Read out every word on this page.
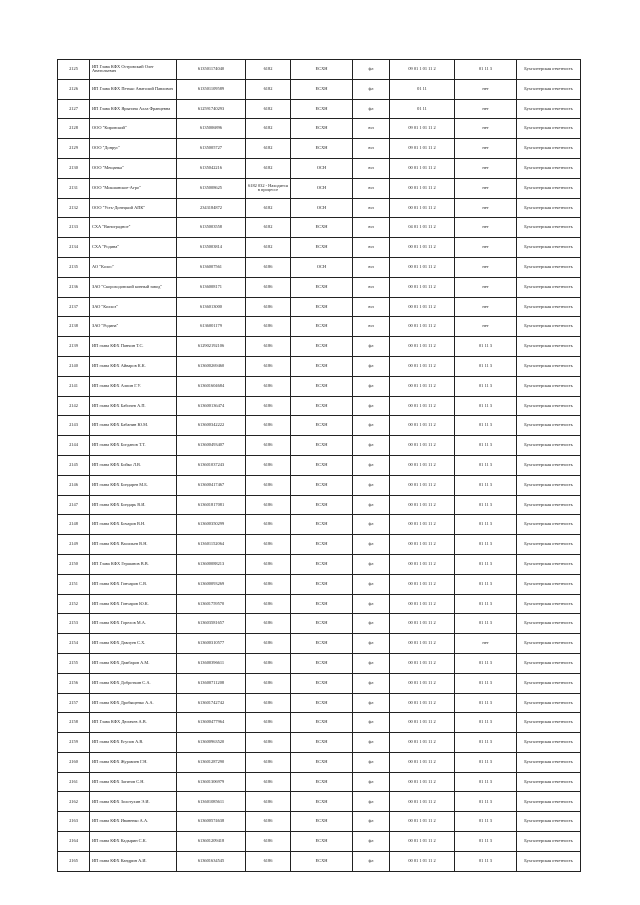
2125	ИП Глава КФХ Островский Олег Анатольевич	613501174040	6182	ЕСХН	фл	09 01 1 01 11 2	01 11 3	Бухгалтерская отчетность
2126	ИП Глава КФХ Петько Анатолий Павлович	613501109589	6182	ЕСХН	фл	01 11	нет	Бухгалтерская отчетность
2127	ИП Глава КФХ Ярыгина Алла Францевна	612591740293	6182	ЕСХН	фл	01 11	нет	Бухгалтерская отчетность
2128	ООО "Кировский"	6135006896	6182	ЕСХН	юл	09 01 1 01 11 2	нет	Бухгалтерская отчетность
2129	ООО "Донрус"	6135005727	6182	ЕСХН	юл	09 01 1 01 11 2	нет	Бухгалтерская отчетность
2130	ООО "Мещанка"	6135042216	6182	ОСН	юл	00 01 1 01 11 2	нет	Бухгалтерская отчетность
2131	ООО "Мокшанское-Агро"	6135008625	6182 032 - Находится в процессе	ОСН	юл	00 01 1 01 11 2	нет	Бухгалтерская отчетность
2132	ООО "Усть-Донецкий АПК"	2343184872	6182	ОСН	юл	00 01 1 01 11 2	нет	Бухгалтерская отчетность
2133	СХА "Виноградное"	6135003558	6182	ЕСХН	юл	04 01 1 01 11 2	нет	Бухгалтерская отчетность
2134	СХА "Родина"	6135003814	6182	ЕСХН	юл	00 01 1 01 11 2	нет	Бухгалтерская отчетность
2135	АО "Колос"	6136007561	6186	ОСН	юл	00 01 1 01 11 2	нет	Бухгалтерская отчетность
2136	ЗАО "Скороходовский конный завод"	6136008171	6186	ЕСХН	юл	00 01 1 01 11 2	нет	Бухгалтерская отчетность
2137	ЗАО "Колхоз"	6136013000	6186	ЕСХН	юл	00 01 1 01 11 2	нет	Бухгалтерская отчетность
2138	ЗАО "Родина"	6136001179	6186	ЕСХН	юл	00 01 1 01 11 2	нет	Бухгалтерская отчетность
2139	ИП глава КФХ Панчин Т.С.	612902192106	6186	ЕСХН	фл	00 01 1 01 11 2	01 11 3	Бухгалтерская отчетность
2140	ИП глава КФХ Айваров К.К.	613600269460	6186	ЕСХН	фл	00 01 1 01 11 2	01 11 3	Бухгалтерская отчетность
2141	ИП глава КФХ Алпин Г.У.	613601604684	6186	ЕСХН	фл	00 01 1 01 11 2	01 11 3	Бухгалтерская отчетность
2142	ИП глава КФХ Бабичев А.П.	613600136474	6186	ЕСХН	фл	00 01 1 01 11 2	01 11 3	Бухгалтерская отчетность
2143	ИП глава КФХ Бабанин Ю.М.	613600342222	6186	ЕСХН	фл	00 01 1 01 11 2	01 11 3	Бухгалтерская отчетность
2144	ИП глава КФХ Богданов Т.Т.	613600493407	6186	ЕСХН	фл	00 01 1 01 11 2	01 11 3	Бухгалтерская отчетность
2145	ИП глава КФХ Бойко Л.В.	613601037243	6186	ЕСХН	фл	00 01 1 01 11 2	01 11 3	Бухгалтерская отчетность
2146	ИП глава КФХ Бондарев М.Б.	613600417467	6186	ЕСХН	фл	00 01 1 01 11 2	01 11 3	Бухгалтерская отчетность
2147	ИП глава КФХ Бондарь В.И.	613601817081	6186	ЕСХН	фл	00 01 1 01 11 2	01 11 3	Бухгалтерская отчетность
2148	ИП глава КФХ Бочаров В.Н.	613600350299	6186	ЕСХН	фл	00 01 1 01 11 2	01 11 3	Бухгалтерская отчетность
2149	ИП глава КФХ Васильев В.Н.	613601152064	6186	ЕСХН	фл	00 01 1 01 11 2	01 11 3	Бухгалтерская отчетность
2150	ИП Глава КФХ Гершанов В.В.	613600088213	6186	ЕСХН	фл	00 01 1 01 11 2	01 11 3	Бухгалтерская отчетность
2151	ИП глава КФХ Гончаров С.В.	613600093269	6186	ЕСХН	фл	00 01 1 01 11 2	01 11 3	Бухгалтерская отчетность
2152	ИП глава КФХ Гончаров Ю.К.	613601759570	6186	ЕСХН	фл	00 01 1 01 11 2	01 11 3	Бухгалтерская отчетность
2153	ИП глава КФХ Горелов М.А.	613603581657	6186	ЕСХН	фл	00 01 1 01 11 2	01 11 3	Бухгалтерская отчетность
2154	ИП глава КФХ Давлуев С.Х.	613600310577	6186	ЕСХН	фл	00 01 1 01 11 2	нет	Бухгалтерская отчетность
2155	ИП глава КФХ Дамбаров А.М.	613600396611	6186	ЕСХН	фл	00 01 1 01 11 2	01 11 3	Бухгалтерская отчетность
2156	ИП глава КФХ Доброткин С.А.	613600711208	6186	ЕСХН	фл	00 01 1 01 11 2	01 11 3	Бухгалтерская отчетность
2157	ИП глава КФХ Дробященко А.А.	613601742742	6186	ЕСХН	фл	00 01 1 01 11 2	01 11 3	Бухгалтерская отчетность
2158	ИП Глава КФХ Дюгачев А.В.	613600477964	6186	ЕСХН	фл	00 01 1 01 11 2	01 11 3	Бухгалтерская отчетность
2159	ИП глава КФХ Егупов А.В.	613600963520	6186	ЕСХН	фл	00 01 1 01 11 2	01 11 3	Бухгалтерская отчетность
2160	ИП глава КФХ Журавлев Г.Н.	613601287290	6186	ЕСХН	фл	00 01 1 01 11 2	01 11 3	Бухгалтерская отчетность
2161	ИП глава КФХ Загитов С.Н.	613601306979	6186	ЕСХН	фл	00 01 1 01 11 2	01 11 3	Бухгалтерская отчетность
2162	ИП глава КФХ Золотухин Э.И.	613601085611	6186	ЕСХН	фл	00 01 1 01 11 2	01 11 3	Бухгалтерская отчетность
2163	ИП глава КФХ Иваненко А.А.	613600574638	6186	ЕСХН	фл	00 01 1 01 11 2	01 11 3	Бухгалтерская отчетность
2164	ИП глава КФХ Кадырин С.К.	613601209418	6186	ЕСХН	фл	00 01 1 01 11 2	01 11 3	Бухгалтерская отчетность
2165	ИП глава КФХ Кандрин А.И.	613601634545	6186	ЕСХН	фл	00 01 1 01 11 2	01 11 3	Бухгалтерская отчетность
